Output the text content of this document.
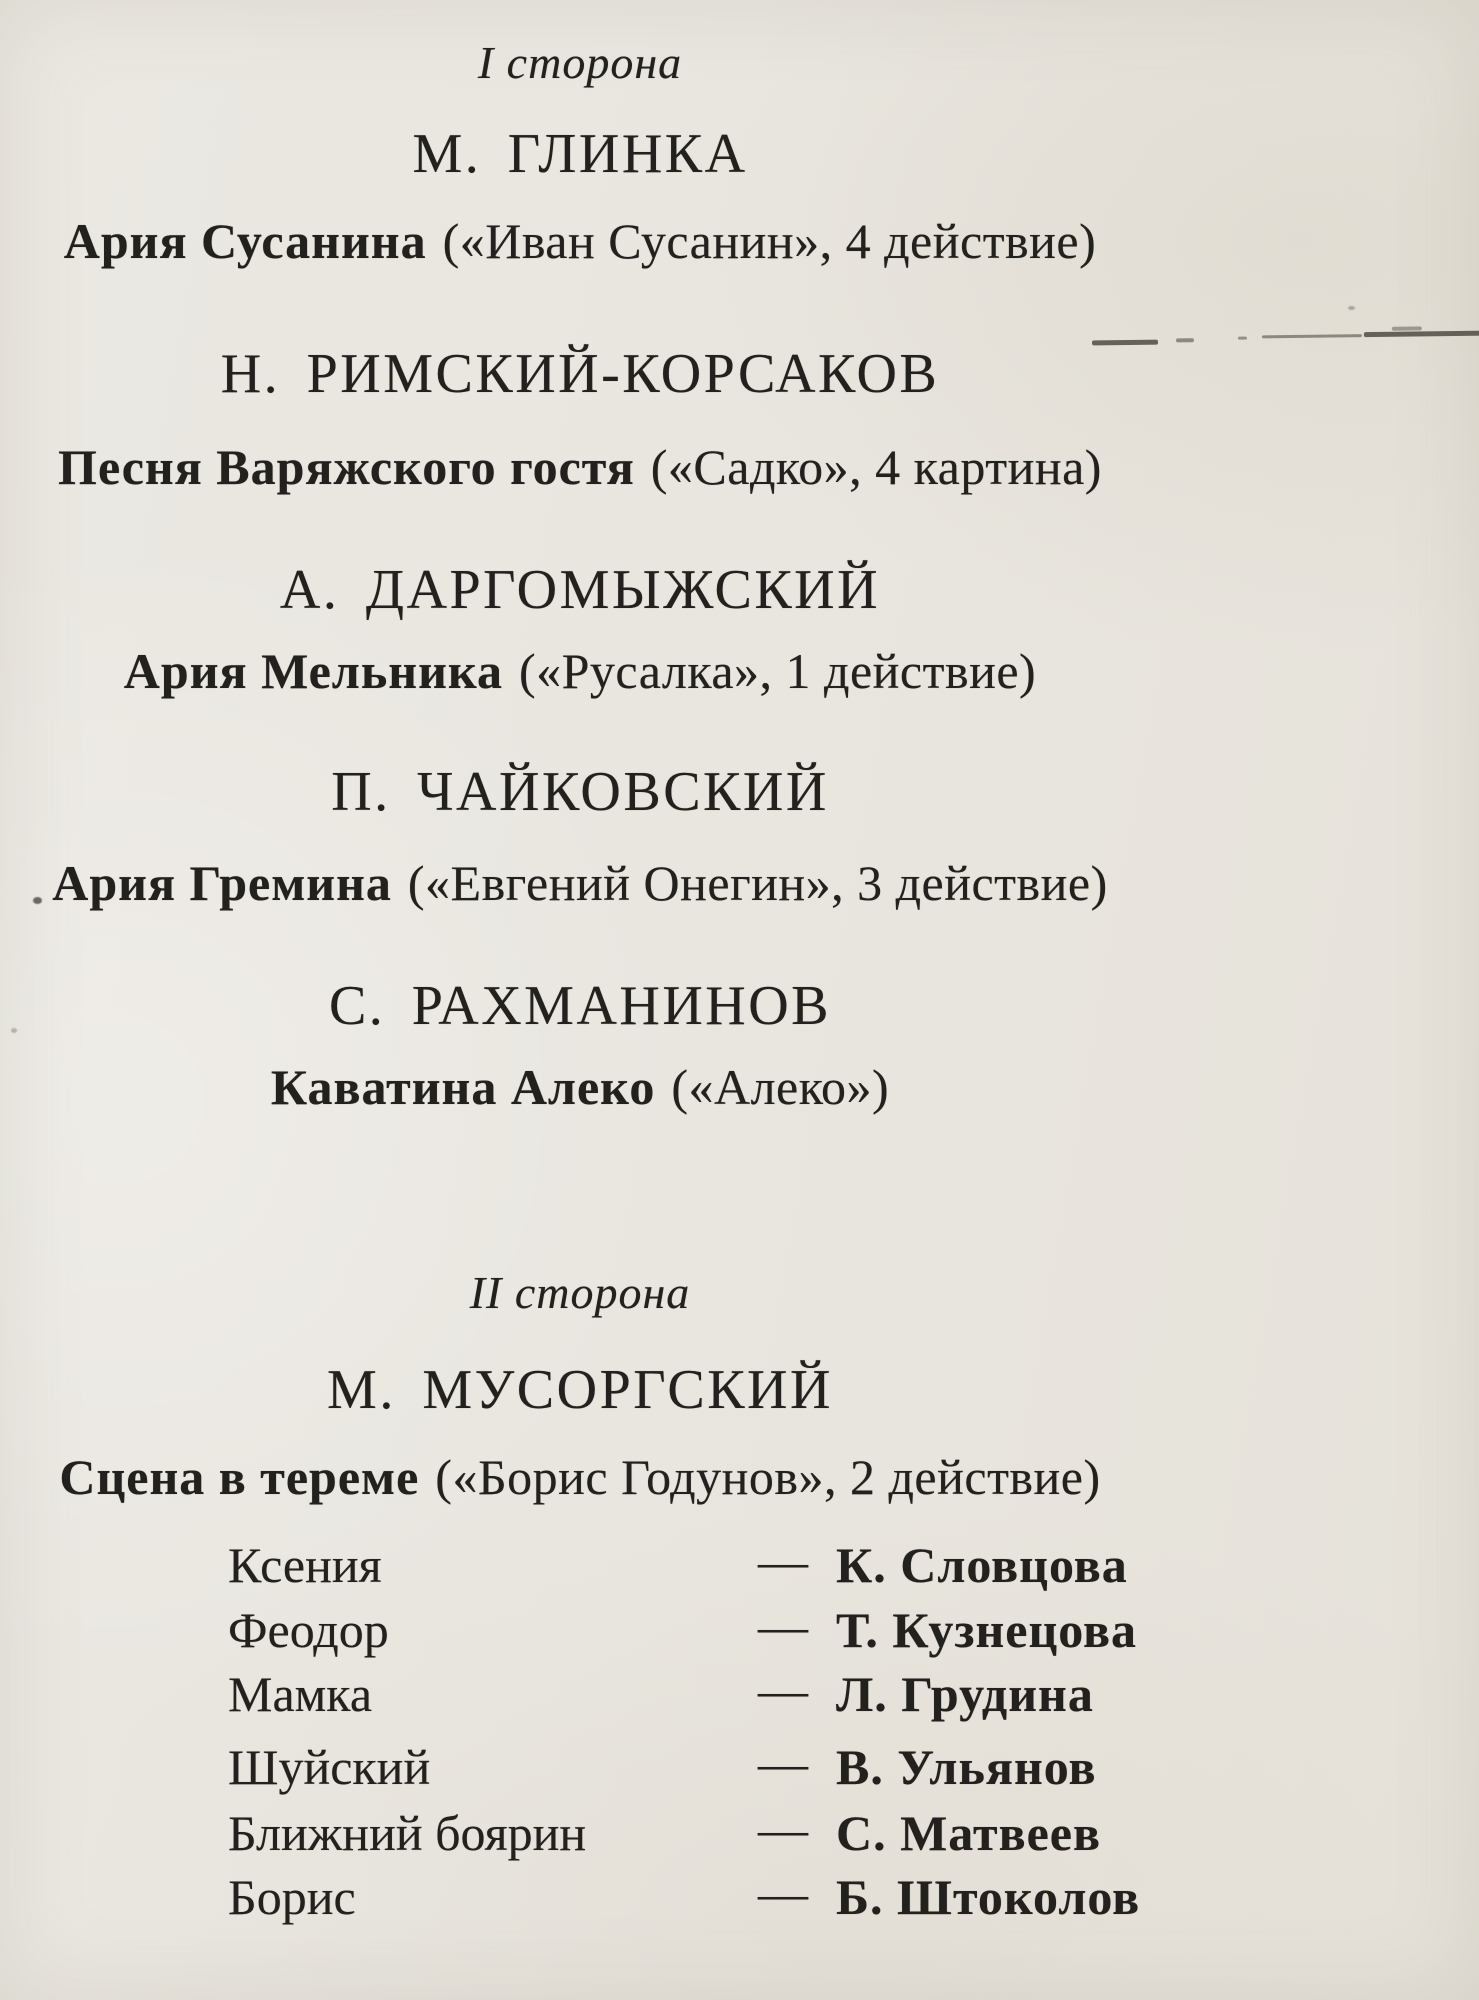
I сторона
М. ГЛИНКА
Ария Сусанина («Иван Сусанин», 4 действие)
Н. РИМСКИЙ-КОРСАКОВ
Песня Варяжского гостя («Садко», 4 картина)
А. ДАРГОМЫЖСКИЙ
Ария Мельника («Русалка», 1 действие)
П. ЧАЙКОВСКИЙ
Ария Гремина («Евгений Онегин», 3 действие)
С. РАХМАНИНОВ
Каватина Алеко («Алеко»)
II сторона
М. МУСОРГСКИЙ
Сцена в тереме («Борис Годунов», 2 действие)
Ксения	— К. Словцова
Феодор	— Т. Кузнецова
Мамка	— Л. Грудина
Шуйский	— В. Ульянов
Ближний боярин	— С. Матвеев
Борис	— Б. Штоколов
